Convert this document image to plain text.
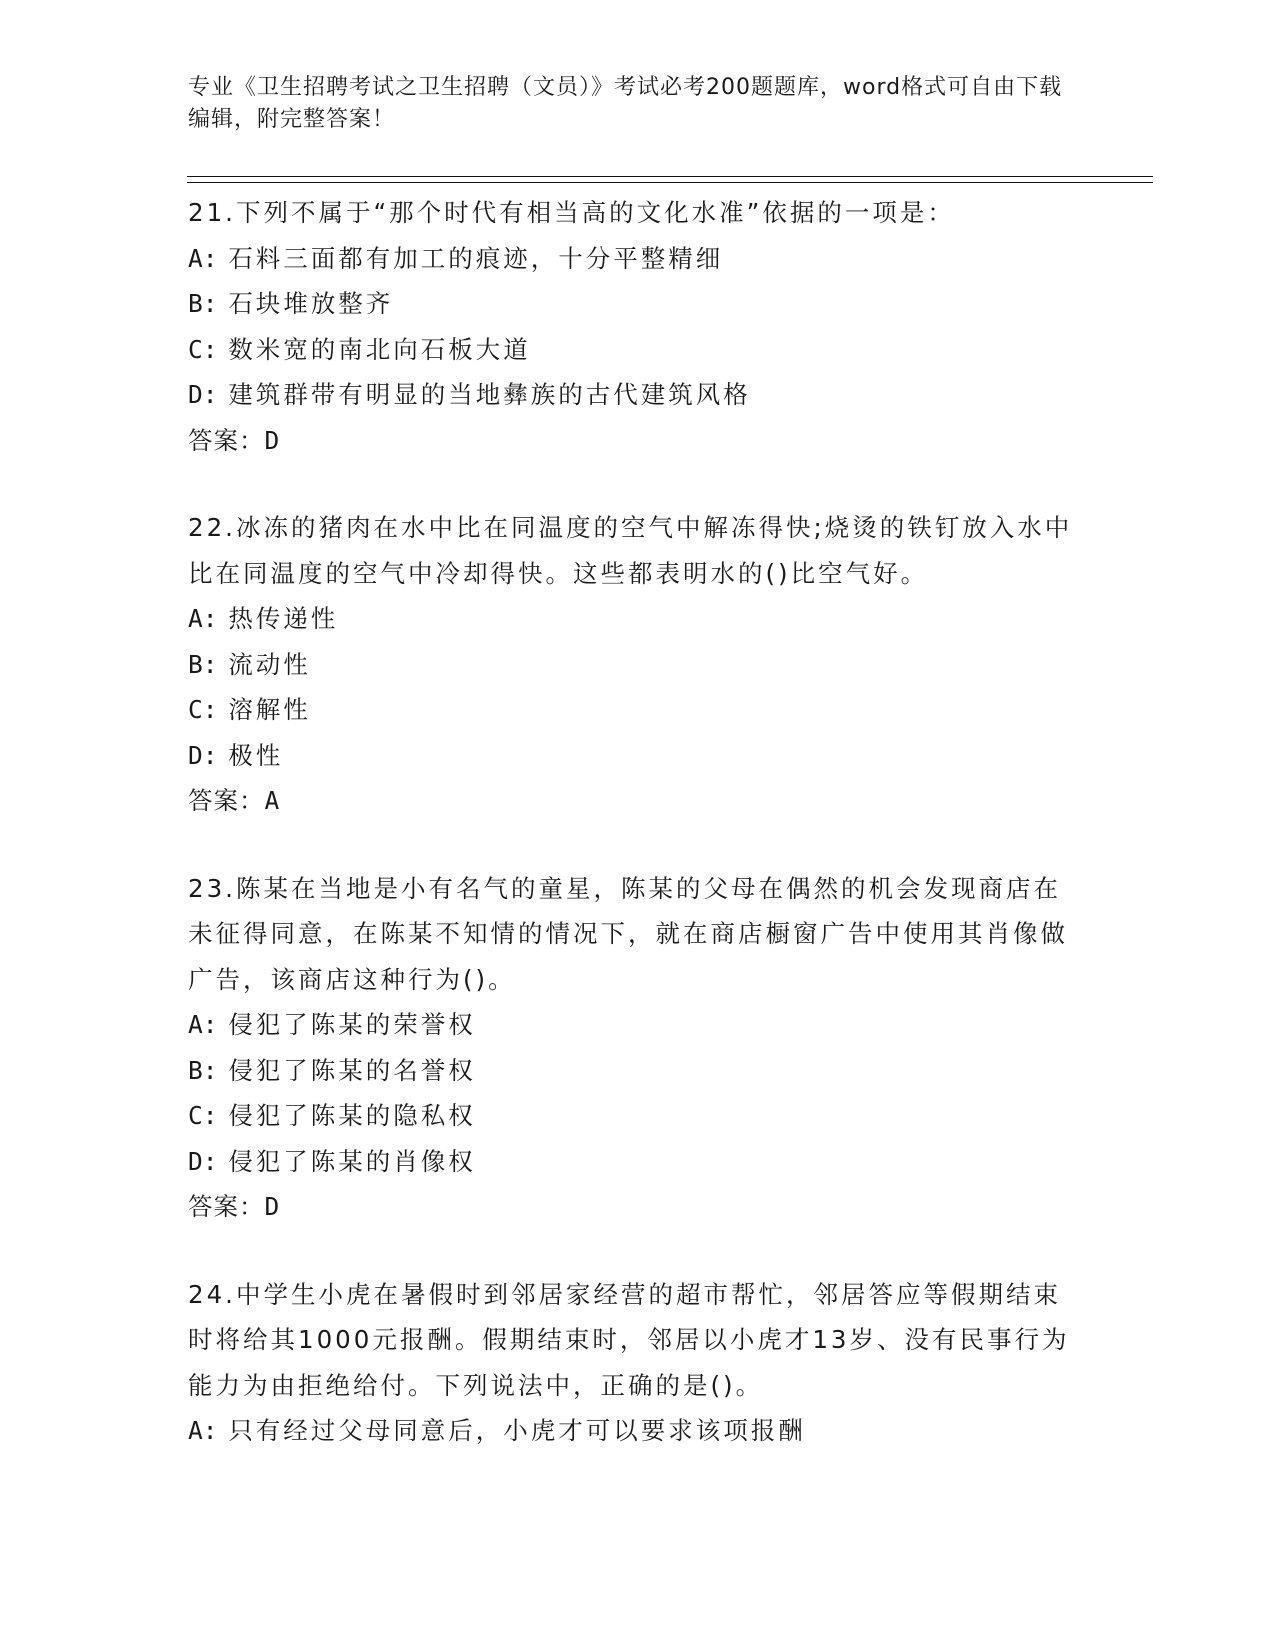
专业《卫生招聘考试之卫生招聘（文员）》考试必考200题题库，word格式可自由下载编辑，附完整答案！
21.下列不属于“那个时代有相当高的文化水准”依据的一项是：
A: 石料三面都有加工的痕迹，十分平整精细
B: 石块堆放整齐
C: 数米宽的南北向石板大道
D: 建筑群带有明显的当地彝族的古代建筑风格
答案：D
22.冰冻的猪肉在水中比在同温度的空气中解冻得快;烧烫的铁钉放入水中比在同温度的空气中冷却得快。这些都表明水的()比空气好。
A: 热传递性
B: 流动性
C: 溶解性
D: 极性
答案：A
23.陈某在当地是小有名气的童星，陈某的父母在偶然的机会发现商店在未征得同意，在陈某不知情的情况下，就在商店橱窗广告中使用其肖像做广告，该商店这种行为()。
A: 侵犯了陈某的荣誉权
B: 侵犯了陈某的名誉权
C: 侵犯了陈某的隐私权
D: 侵犯了陈某的肖像权
答案：D
24.中学生小虎在暑假时到邻居家经营的超市帮忙，邻居答应等假期结束时将给其1000元报酬。假期结束时，邻居以小虎才13岁、没有民事行为能力为由拒绝给付。下列说法中，正确的是()。
A: 只有经过父母同意后，小虎才可以要求该项报酬
